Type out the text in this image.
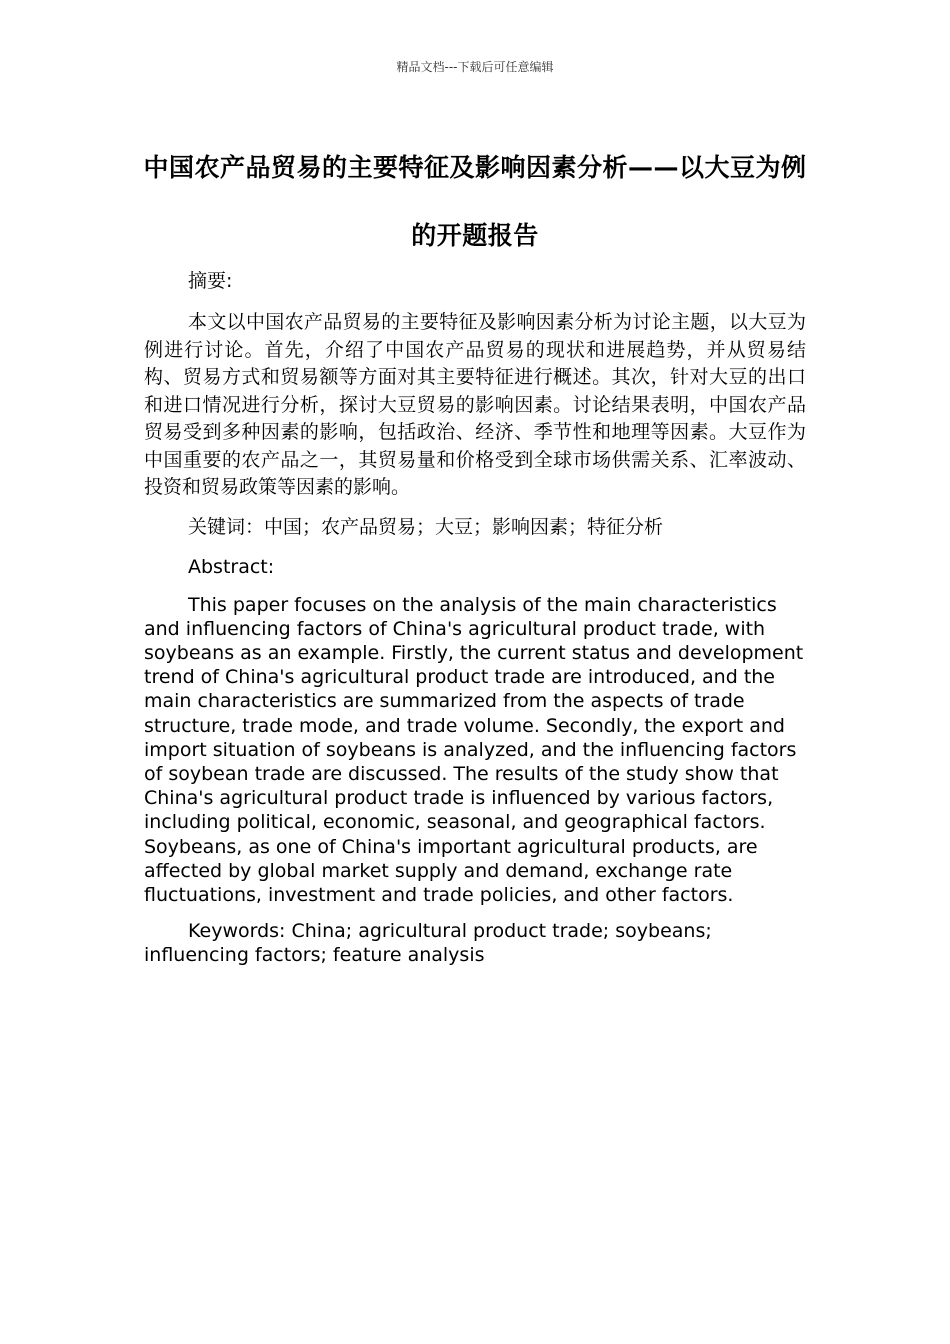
精品文档---下载后可任意编辑
中国农产品贸易的主要特征及影响因素分析——以大豆为例的开题报告

摘要:

本文以中国农产品贸易的主要特征及影响因素分析为讨论主题，以大豆为例进行讨论。首先，介绍了中国农产品贸易的现状和进展趋势，并从贸易结构、贸易方式和贸易额等方面对其主要特征进行概述。其次，针对大豆的出口和进口情况进行分析，探讨大豆贸易的影响因素。讨论结果表明，中国农产品贸易受到多种因素的影响，包括政治、经济、季节性和地理等因素。大豆作为中国重要的农产品之一，其贸易量和价格受到全球市场供需关系、汇率波动、投资和贸易政策等因素的影响。

关键词：中国；农产品贸易；大豆；影响因素；特征分析

Abstract:

This paper focuses on the analysis of the main characteristics and influencing factors of China's agricultural product trade, with soybeans as an example. Firstly, the current status and development trend of China's agricultural product trade are introduced, and the main characteristics are summarized from the aspects of trade structure, trade mode, and trade volume. Secondly, the export and import situation of soybeans is analyzed, and the influencing factors of soybean trade are discussed. The results of the study show that China's agricultural product trade is influenced by various factors, including political, economic, seasonal, and geographical factors. Soybeans, as one of China's important agricultural products, are affected by global market supply and demand, exchange rate fluctuations, investment and trade policies, and other factors.

Keywords: China; agricultural product trade; soybeans; influencing factors; feature analysis
